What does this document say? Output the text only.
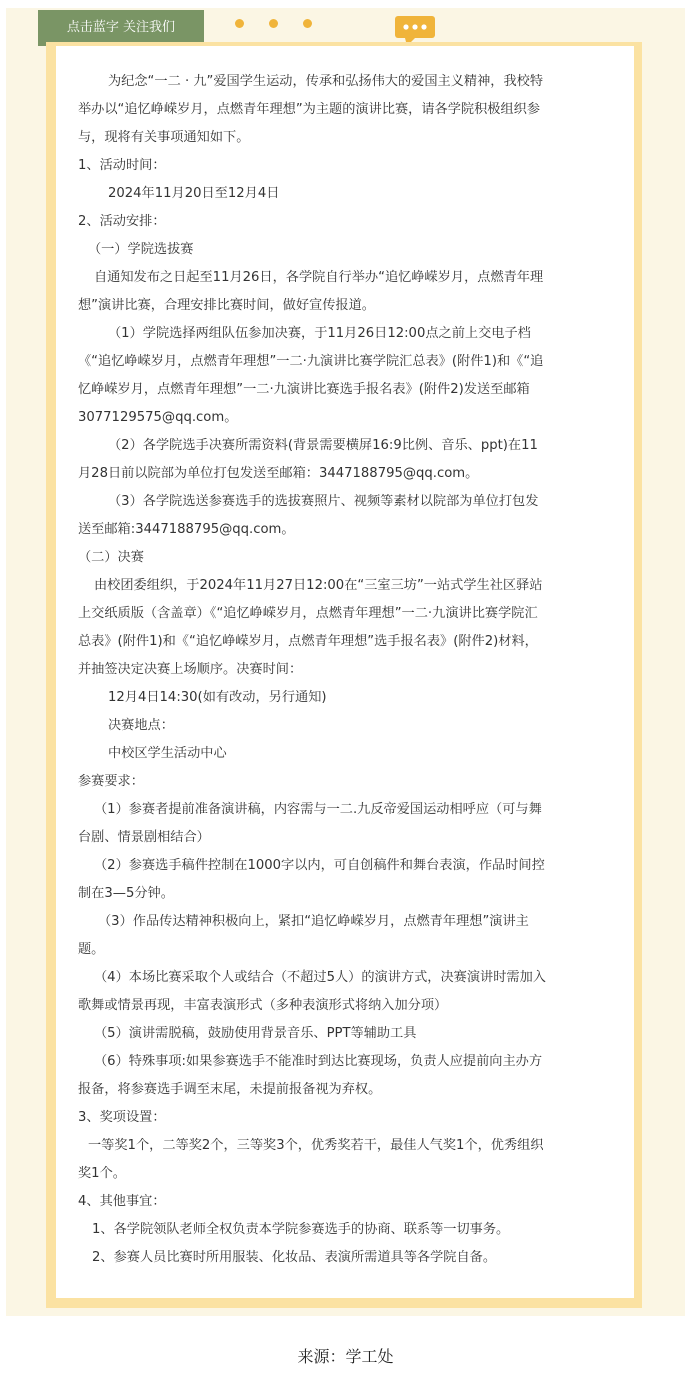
点击蓝字 关注我们
为纪念“一二 · 九”爱国学生运动，传承和弘扬伟大的爱国主义精神，我校特
举办以“追忆峥嵘岁月，点燃青年理想”为主题的演讲比赛，请各学院积极组织参
与，现将有关事项通知如下。
1、活动时间：
2024年11月20日至12月4日
2、活动安排：
（一）学院选拔赛
自通知发布之日起至11月26日，各学院自行举办“追忆峥嵘岁月，点燃青年理
想”演讲比赛，合理安排比赛时间，做好宣传报道。
（1）学院选择两组队伍参加决赛，于11月26日12:00点之前上交电子档
《“追忆峥嵘岁月，点燃青年理想”一二·九演讲比赛学院汇总表》(附件1)和《“追
忆峥嵘岁月，点燃青年理想”一二·九演讲比赛选手报名表》(附件2)发送至邮箱
3077129575@qq.com。
（2）各学院选手决赛所需资料(背景需要横屏16:9比例、音乐、ppt)在11
月28日前以院部为单位打包发送至邮箱：3447188795@qq.com。
（3）各学院选送参赛选手的选拔赛照片、视频等素材以院部为单位打包发
送至邮箱:3447188795@qq.com。
（二）决赛
由校团委组织，于2024年11月27日12:00在“三室三坊”一站式学生社区驿站
上交纸质版（含盖章）《“追忆峥嵘岁月，点燃青年理想”一二·九演讲比赛学院汇
总表》(附件1)和《“追忆峥嵘岁月，点燃青年理想”选手报名表》(附件2)材料，
并抽签决定决赛上场顺序。决赛时间：
12月4日14:30(如有改动，另行通知)
决赛地点：
中校区学生活动中心
参赛要求：
（1）参赛者提前准备演讲稿，内容需与一二.九反帝爱国运动相呼应（可与舞
台剧、情景剧相结合）
（2）参赛选手稿件控制在1000字以内，可自创稿件和舞台表演，作品时间控
制在3—5分钟。
（3）作品传达精神积极向上，紧扣“追忆峥嵘岁月，点燃青年理想”演讲主
题。
（4）本场比赛采取个人或结合（不超过5人）的演讲方式，决赛演讲时需加入
歌舞或情景再现，丰富表演形式（多种表演形式将纳入加分项）
（5）演讲需脱稿，鼓励使用背景音乐、PPT等辅助工具
（6）特殊事项:如果参赛选手不能准时到达比赛现场，负责人应提前向主办方
报备，将参赛选手调至末尾，未提前报备视为弃权。
3、奖项设置：
一等奖1个，二等奖2个，三等奖3个，优秀奖若干，最佳人气奖1个，优秀组织
奖1个。
4、其他事宜：
1、各学院领队老师全权负责本学院参赛选手的协商、联系等一切事务。
2、参赛人员比赛时所用服装、化妆品、表演所需道具等各学院自备。
来源：学工处
